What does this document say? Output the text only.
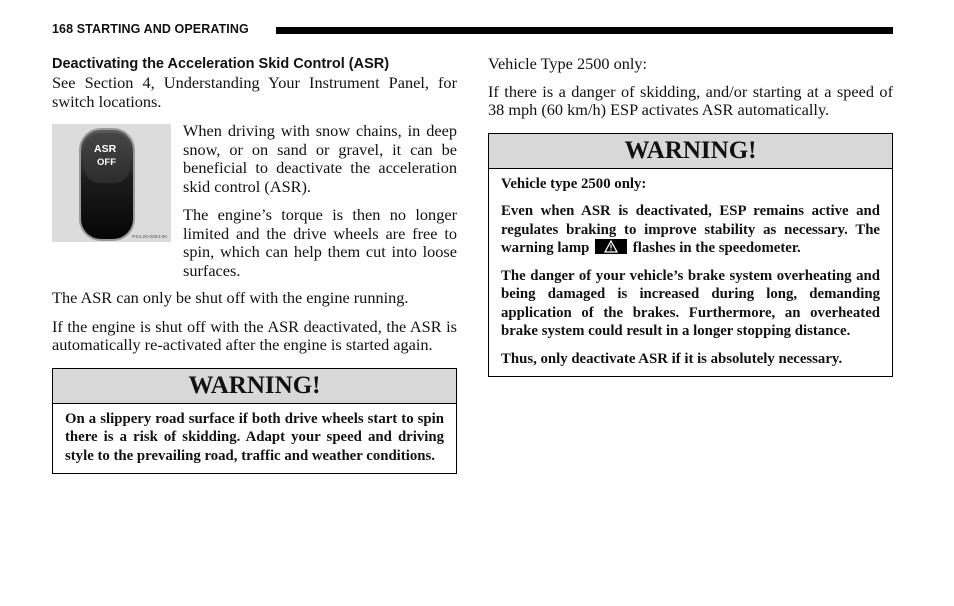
168 STARTING AND OPERATING
Deactivating the Acceleration Skid Control (ASR)

See Section 4, Understanding Your Instrument Panel, for switch locations.

ASR
OFF
PS4.25-0294-00

When driving with snow chains, in deep snow, or on sand or gravel, it can be beneficial to deactivate the acceleration skid control (ASR).

The engine’s torque is then no longer limited and the drive wheels are free to spin, which can help them cut into loose surfaces.

The ASR can only be shut off with the engine running.

If the engine is shut off with the ASR deactivated, the ASR is automatically re-activated after the engine is started again.

WARNING!

On a slippery road surface if both drive wheels start to spin there is a risk of skidding. Adapt your speed and driving style to the prevailing road, traffic and weather conditions.

Vehicle Type 2500 only:

If there is a danger of skidding, and/or starting at a speed of 38 mph (60 km/h) ESP activates ASR automatically.

WARNING!

Vehicle type 2500 only:

Even when ASR is deactivated, ESP remains active and regulates braking to improve stability as necessary. The warning lamp	flashes in the speedometer.

The danger of your vehicle’s brake system overheating and being damaged is increased during long, demanding application of the brakes. Furthermore, an overheated brake system could result in a longer stopping distance.

Thus, only deactivate ASR if it is absolutely necessary.
